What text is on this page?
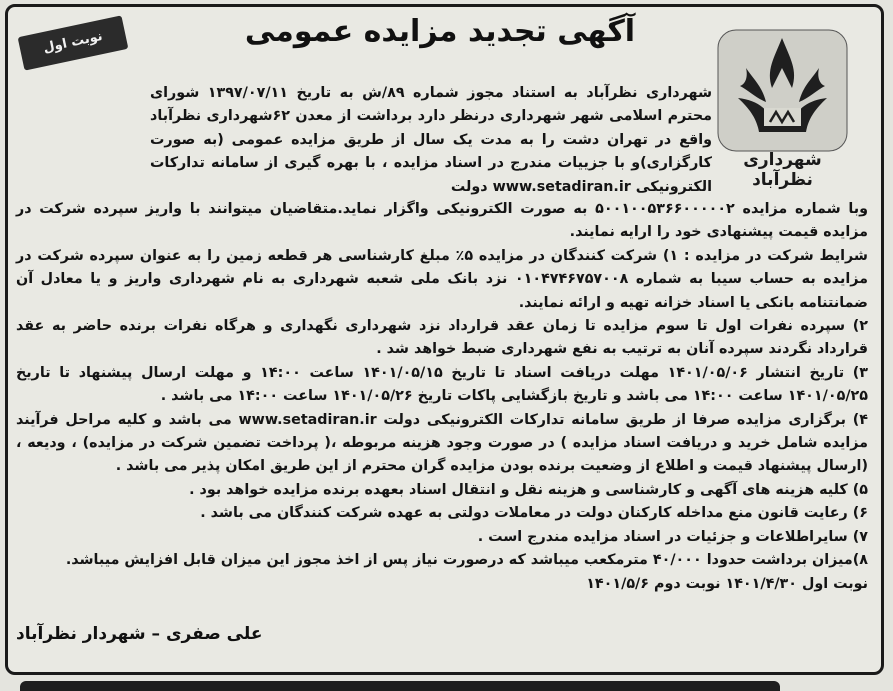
نوبت اول
شهرداری نظرآباد
آگهی تجدید مزایده عمومی
شهرداری نظرآباد به استناد مجوز شماره ۸۹/ش به تاریخ ۱۳۹۷/۰۷/۱۱ شورای محترم اسلامی شهر شهرداری درنظر دارد برداشت از معدن ۶۲شهرداری نظرآباد واقع در تهران دشت را به مدت یک سال از طریق مزایده عمومی (به صورت کارگزاری)و با جزییات مندرج در اسناد مزایده ، با بهره گیری از سامانه تدارکات الکترونیکی www.setadiran.ir دولت

وبا شماره مزایده ۵۰۰۱۰۰۵۳۶۶۰۰۰۰۰۲ به صورت الکترونیکی واگزار نماید.متقاضیان میتوانند با واریز سپرده شرکت در مزایده قیمت پیشنهادی خود را ارایه نمایند.

شرایط شرکت در مزایده : ۱) شرکت کنندگان در مزایده ۵٪ مبلغ کارشناسی هر قطعه زمین را به عنوان سپرده شرکت در مزایده به حساب سیبا به شماره ۰۱۰۴۷۴۶۷۵۷۰۰۸ نزد بانک ملی شعبه شهرداری به نام شهرداری واریز و یا معادل آن ضمانتنامه بانکی یا اسناد خزانه تهیه و ارائه نمایند.

۲) سپرده نفرات اول تا سوم مزایده تا زمان عقد قرارداد نزد شهرداری نگهداری و هرگاه نفرات برنده حاضر به عقد قرارداد نگردند سپرده آنان به ترتیب به نفع شهرداری ضبط خواهد شد .

۳) تاریخ انتشار ۱۴۰۱/۰۵/۰۶ مهلت دریافت اسناد تا تاریخ ۱۴۰۱/۰۵/۱۵ ساعت ۱۴:۰۰ و مهلت ارسال پیشنهاد تا تاریخ ۱۴۰۱/۰۵/۲۵ ساعت ۱۴:۰۰ می باشد و تاریخ بازگشایی پاکات تاریخ ۱۴۰۱/۰۵/۲۶ ساعت ۱۴:۰۰ می باشد .

۴) برگزاری مزایده صرفا از طریق سامانه تدارکات الکترونیکی دولت www.setadiran.ir می باشد و کلیه مراحل فرآیند مزایده شامل خرید و دریافت اسناد مزایده ) در صورت وجود هزینه مربوطه ،( پرداخت تضمین شرکت در مزایده) ، ودیعه ، (ارسال پیشنهاد قیمت و اطلاع از وضعیت برنده بودن مزایده گران محترم از این طریق امکان پذیر می باشد .

۵) کلیه هزینه های آگهی و کارشناسی و هزینه نقل و انتقال اسناد بعهده برنده مزایده خواهد بود .

۶) رعایت قانون منع مداخله کارکنان دولت در معاملات دولتی به عهده شرکت کنندگان می باشد .

۷) سایراطلاعات و جزئیات در اسناد مزایده مندرج است .

۸)میزان برداشت حدودا ۴۰/۰۰۰ مترمکعب میباشد که درصورت نیاز پس از اخذ مجوز این میزان قابل افزایش میباشد.

نوبت اول ۱۴۰۱/۴/۳۰ نوبت دوم ۱۴۰۱/۵/۶

علی صفری – شهردار نظرآباد
